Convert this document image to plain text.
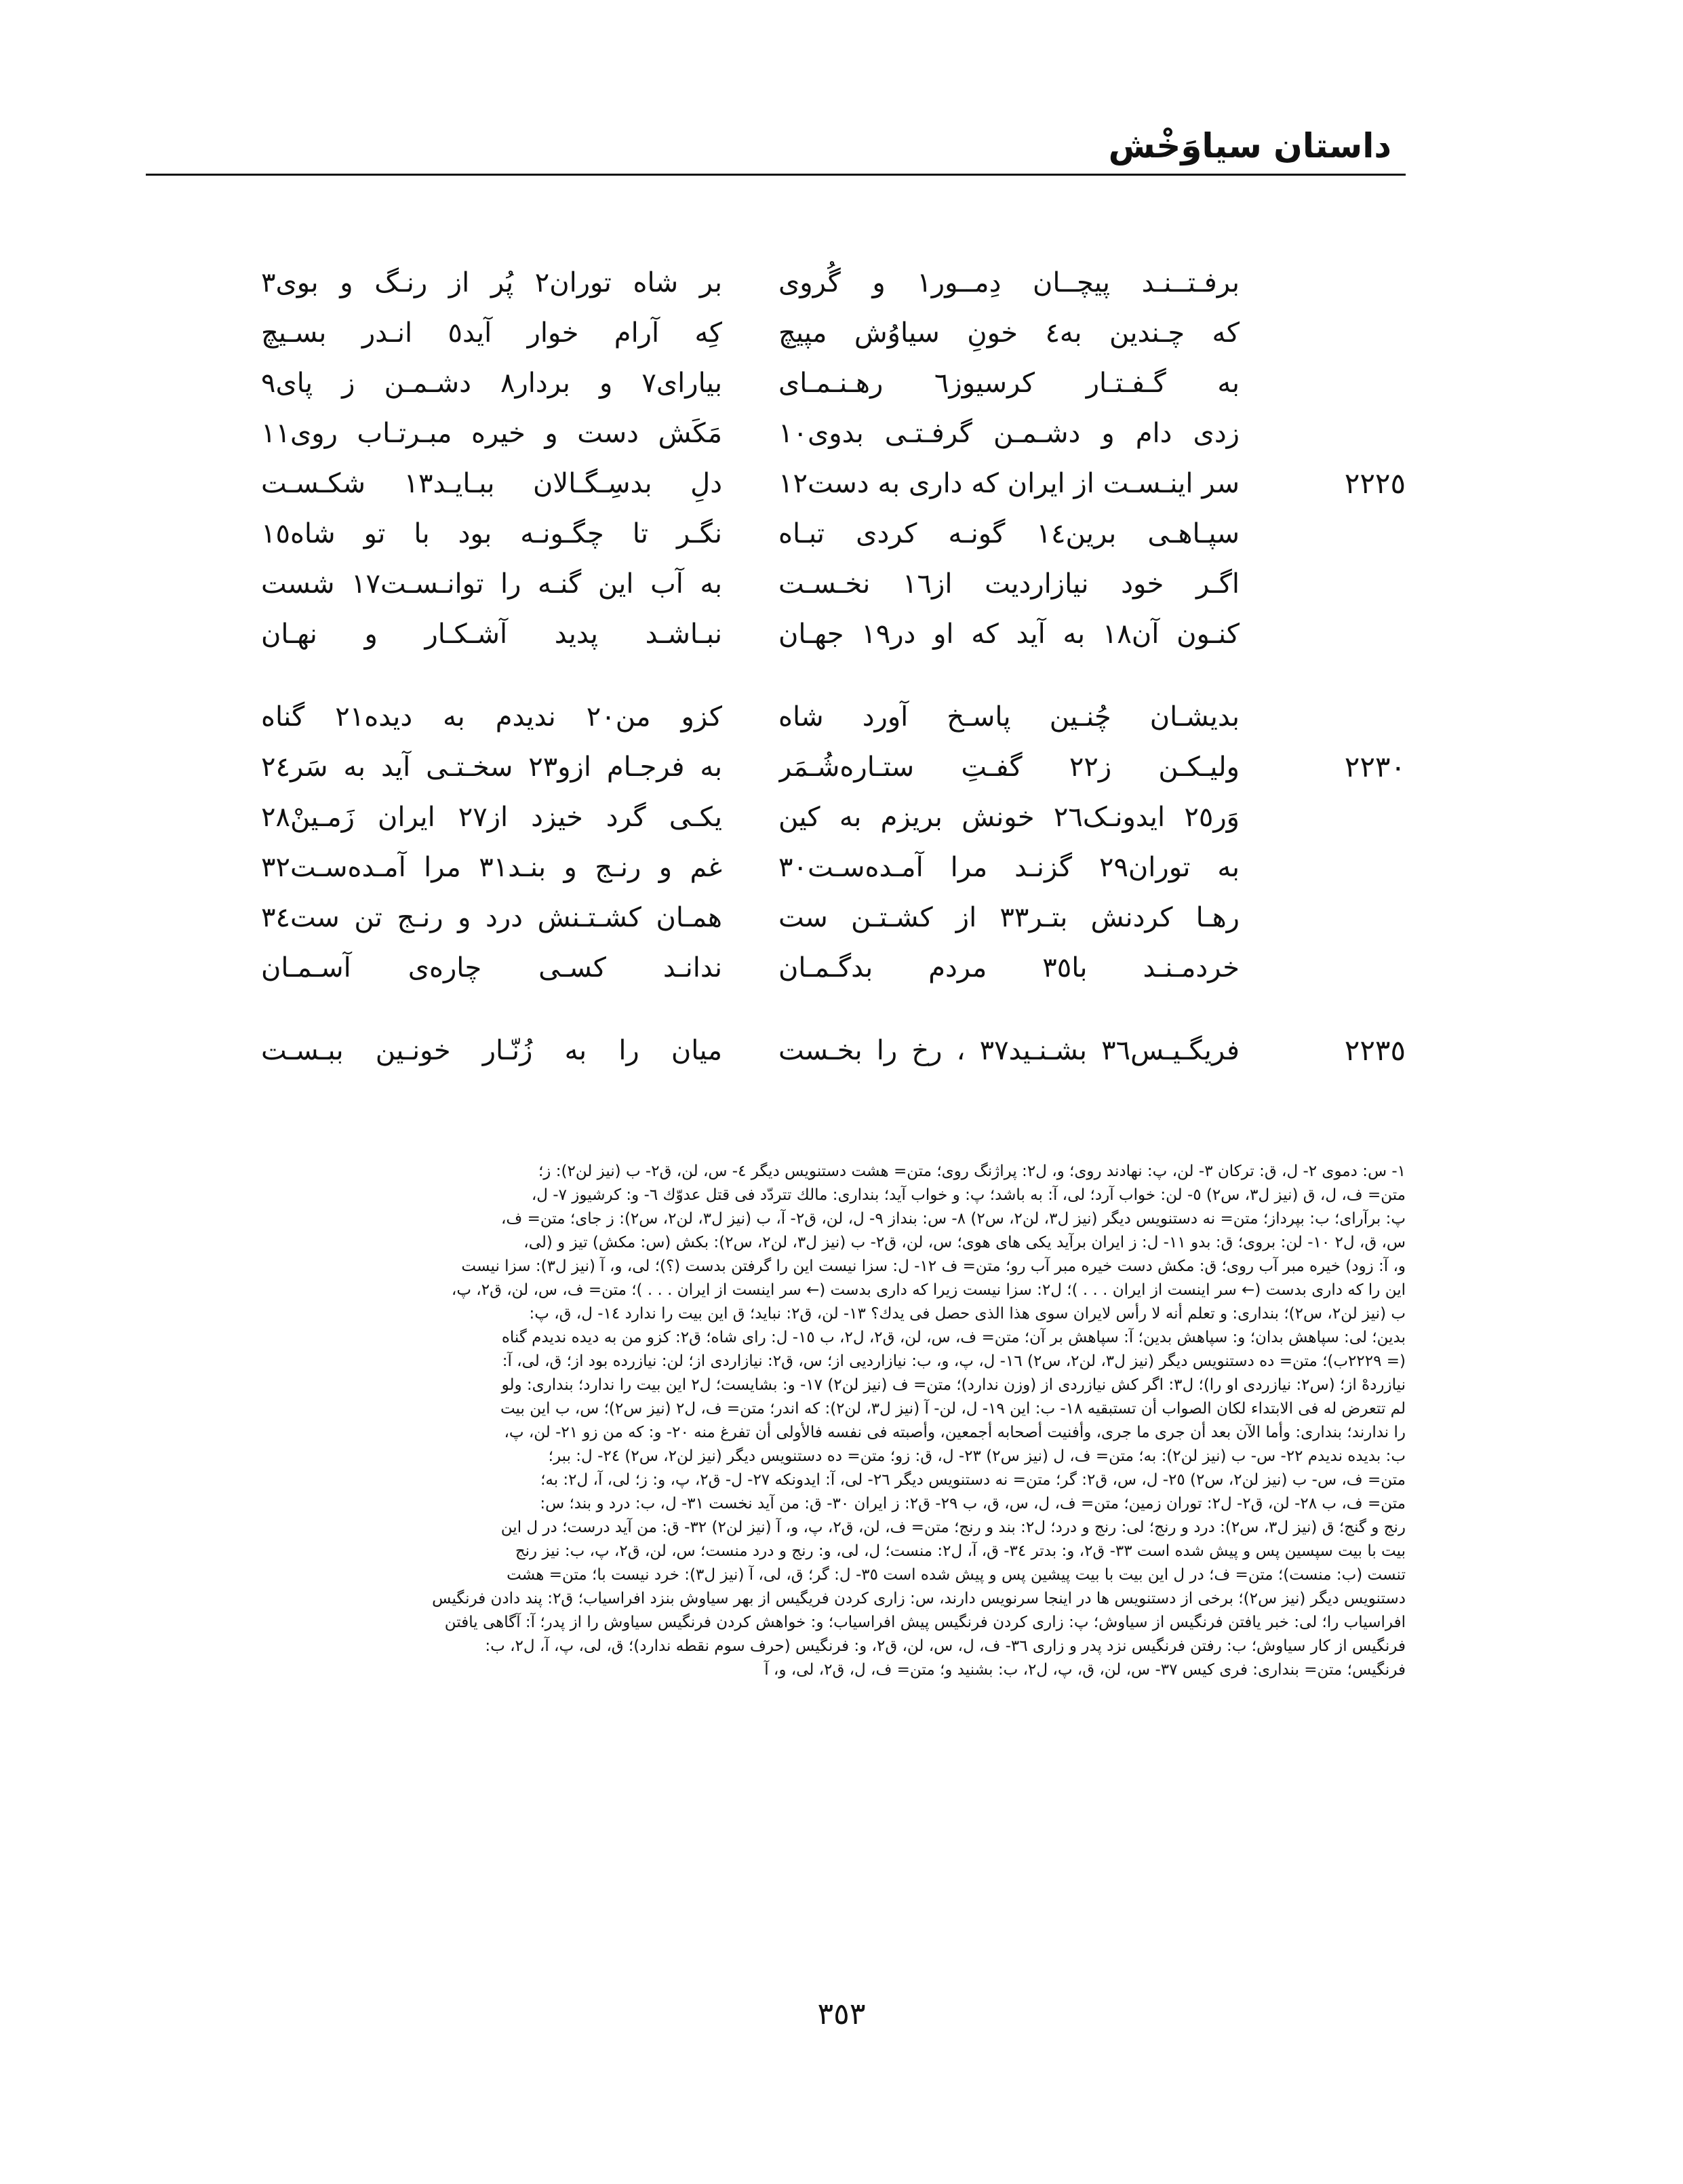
داستان سیاوَخْش
برفـتــنـد پیچــان دِمــور١ و گُروی
بر شاه توران٢ پُر از رنـگ و بوی٣
که چـندین به٤ خونِ سیاوُش مپیچ
کِه آرام خوار آید٥ انـدر بسـیچ
به گـفـتـار کرسیوز٦ رهـنـمـای
بیارای٧ و بردار٨ دشـمـن ز پای٩
زدی دام و دشـمـن گرفـتـی بدوی١٠
مَکَش دست و خیره مبـرتـاب روی١١
٢٢٢٥
سر اینـسـت از ایران که داری به دست١٢
دلِ بدسِـگـالان ببـایـد١٣ شکـسـت
سپـاهـی برین١٤ گونـه کردی تبـاه
نگـر تا چگـونـه بود با تو شاه١٥
اگـر خود نیازاردیت از١٦ نخـسـت
به آب این گنـه را توانـسـت١٧ شست
کنـون آن١٨ به آید که او در١٩ جهـان
نبـاشـد پدید آشـکـار و نهـان
بدیشـان چُنـین پاسـخ آورد شاه
کزو من٢٠ ندیدم به دیده٢١ گناه
٢٢٣٠
ولیـکـن ز٢٢ گفـتِ ستـاره‌شُـمَر
به فرجـام ازو٢٣ سخـتـی آید به سَر٢٤
وَر٢٥ ایدونـک٢٦ خونش بریزم به کین
یکـی گرد خیزد از٢٧ ایران زَمـینْ٢٨
به توران٢٩ گزنـد مرا آمـده‌سـت٣٠
غم و رنـج و بنـد٣١ مرا آمـده‌سـت٣٢
رهـا کردنش بتـر٣٣ از کشـتـن ست
همـان کشـتـنش درد و رنـج تن ست٣٤
خردمـنـد با٣٥ مردم بدگـمـان
ندانـد کسـی چاره‌ی آسـمـان
٢٢٣٥
فریگـیـس٣٦ بشـنـید٣٧ ، رخ را بخـست
میان را به زُنّـار خونـین ببـسـت

١- س: دموی ٢- ل، ق: ترکان ٣- لن، پ: نهادند روی؛ و، ل٢: پراژنگ روی؛ متن= هشت دستنویس دیگر ٤- س، لن، ق٢- ب (نیز لن٢): ز؛

متن= ف، ل، ق (نیز ل٣، س٢) ٥- لن: خواب آرد؛ لی، آ: به باشد؛ پ: و خواب آید؛ بنداری: مالك تتردّد فی قتل عدوّك ٦- و: کرشیوز ٧- ل،

پ: برآرای؛ ب: بپرداز؛ متن= نه دستنویس دیگر (نیز ل٣، لن٢، س٢) ٨- س: بنداز ٩- ل، لن، ق٢- آ، ب (نیز ل٣، لن٢، س٢): ز جای؛ متن= ف،

س، ق، ل٢ ١٠- لن: بروی؛ ق: بدو ١١- ل: ز ایران برآید یکی های هوی؛ س، لن، ق٢- ب (نیز ل٣، لن٢، س٢): بکش (س: مکش) تیز و (لی،

و، آ: زود) خیره مبر آب روی؛ ق: مکش دست خیره مبر آب رو؛ متن= ف ١٢- ل: سزا نیست این را گرفتن بدست (؟)؛ لی، و، آ (نیز ل٣): سزا نیست

این را که داری بدست (← سر اینست از ایران . . . )؛ ل٢: سزا نیست زیرا که داری بدست (← سر اینست از ایران . . . )؛ متن= ف، س، لن، ق٢، پ،

ب (نیز لن٢، س٢)؛ بنداری: و تعلم أنه لا رأس لایران سوی هذا الذی حصل فی یدك؟ ١٣- لن، ق٢: نباید؛ ق این بیت را ندارد ١٤- ل، ق، پ:

بدین؛ لی: سپاهش بدان؛ و: سپاهش بدین؛ آ: سپاهش بر آن؛ متن= ف، س، لن، ق٢، ل٢، ب ١٥- ل: رای شاه؛ ق٢: کزو من به دیده ندیدم گناه

(= ٢٢٢٩ب)؛ متن= ده دستنویس دیگر (نیز ل٣، لن٢، س٢) ١٦- ل، پ، و، ب: نیازاردیی از؛ س، ق٢: نیازاردی از؛ لن: نیازرده بود از؛ ق، لی، آ:

نیازردهْ از؛ (س٢: نیازردی او را)؛ ل٣: اگر کش نیازردی از (وزن ندارد)؛ متن= ف (نیز لن٢) ١٧- و: بشایست؛ ل٢ این بیت را ندارد؛ بنداری: ولو

لم تتعرض له فی الابتداء لکان الصواب أن تستبقیه ١٨- ب: این ١٩- ل، لن- آ (نیز ل٣، لن٢): که اندر؛ متن= ف، ل٢ (نیز س٢)؛ س، ب این بیت

را ندارند؛ بنداری: وأما الآن بعد أن جری ما جری، وأفنیت أصحابه أجمعین، وأصبته فی نفسه فالأولی أن تفرغ منه ٢٠- و: که من زو ٢١- لن، پ،

ب: بدیده ندیدم ٢٢- س- ب (نیز لن٢): به؛ متن= ف، ل (نیز س٢) ٢٣- ل، ق: زو؛ متن= ده دستنویس دیگر (نیز لن٢، س٢) ٢٤- ل: ببر؛

متن= ف، س- ب (نیز لن٢، س٢) ٢٥- ل، س، ق٢: گر؛ متن= نه دستنویس دیگر ٢٦- لی، آ: ایدونکه ٢٧- ل- ق٢، پ، و: ز؛ لی، آ، ل٢: به؛

متن= ف، ب ٢٨- لن، ق٢- ل٢: توران زمین؛ متن= ف، ل، س، ق، ب ٢٩- ق٢: ز ایران ٣٠- ق: من آید نخست ٣١- ل، ب: درد و بند؛ س:

رنج و گنج؛ ق (نیز ل٣، س٢): درد و رنج؛ لی: رنج و درد؛ ل٢: بند و رنج؛ متن= ف، لن، ق٢، پ، و، آ (نیز لن٢) ٣٢- ق: من آید درست؛ در ل این

بیت با بیت سپسین پس و پیش شده است ٣٣- ق٢، و: بدتر ٣٤- ق، آ، ل٢: منست؛ ل، لی، و: رنج و درد منست؛ س، لن، ق٢، پ، ب: نیز رنج

تنست (ب: منست)؛ متن= ف؛ در ل این بیت با بیت پیشین پس و پیش شده است ٣٥- ل: گر؛ ق، لی، آ (نیز ل٣): خرد نیست با؛ متن= هشت

دستنویس دیگر (نیز س٢)؛ برخی از دستنویس ها در اینجا سرنویس دارند، س: زاری کردن فریگیس از بهر سیاوش بنزد افراسیاب؛ ق٢: پند دادن فرنگیس

افراسیاب را؛ لی: خبر یافتن فرنگیس از سیاوش؛ پ: زاری کردن فرنگیس پیش افراسیاب؛ و: خواهش کردن فرنگیس سیاوش را از پدر؛ آ: آگاهی یافتن

فرنگیس از کار سیاوش؛ ب: رفتن فرنگیس نزد پدر و زاری ٣٦- ف، ل، س، لن، ق٢، و: فرنگیس (حرف سوم نقطه ندارد)؛ ق، لی، پ، آ، ل٢، ب:

فرنگیس؛ متن= بنداری: فری کیس ٣٧- س، لن، ق، پ، ل٢، ب: بشنید و؛ متن= ف، ل، ق٢، لی، و، آ

٣٥٣
